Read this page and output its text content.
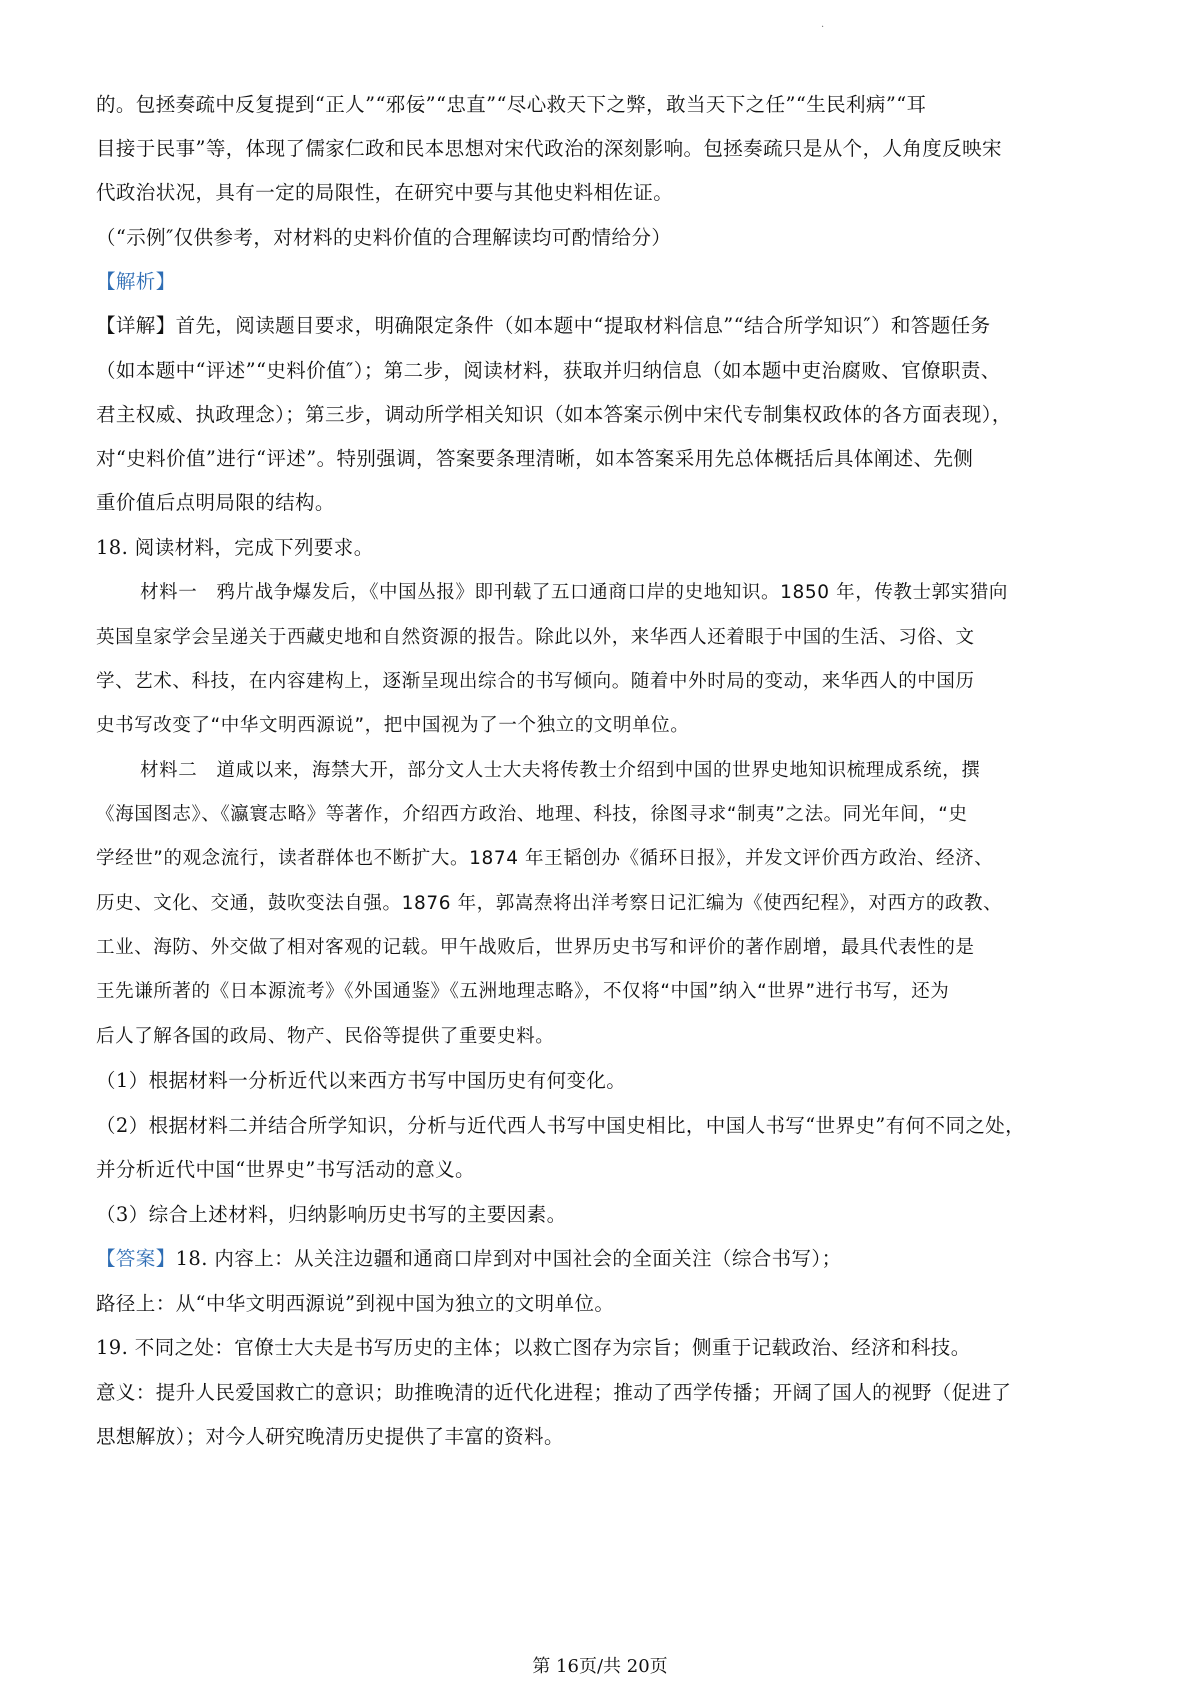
·
的。包拯奏疏中反复提到“正人”“邪佞”“忠直”“尽心救天下之弊，敢当天下之任”“生民利病”“耳
目接于民事”等，体现了儒家仁政和民本思想对宋代政治的深刻影响。包拯奏疏只是从个，人角度反映宋
代政治状况，具有一定的局限性，在研究中要与其他史料相佐证。
（“示例″仅供参考，对材料的史料价值的合理解读均可酌情给分）
【解析】
【详解】首先，阅读题目要求，明确限定条件（如本题中“提取材料信息”“结合所学知识″）和答题任务
（如本题中“评述”“史料价值″）；第二步，阅读材料，获取并归纳信息（如本题中吏治腐败、官僚职责、
君主权威、执政理念）；第三步，调动所学相关知识（如本答案示例中宋代专制集权政体的各方面表现），
对“史料价值”进行“评述”。特别强调，答案要条理清晰，如本答案采用先总体概括后具体阐述、先侧
重价值后点明局限的结构。
18. 阅读材料，完成下列要求。
材料一　鸦片战争爆发后，《中国丛报》即刊载了五口通商口岸的史地知识。1850 年，传教士郭实猎向
英国皇家学会呈递关于西藏史地和自然资源的报告。除此以外，来华西人还着眼于中国的生活、习俗、文
学、艺术、科技，在内容建构上，逐渐呈现出综合的书写倾向。随着中外时局的变动，来华西人的中国历
史书写改变了“中华文明西源说”，把中国视为了一个独立的文明单位。
材料二　道咸以来，海禁大开，部分文人士大夫将传教士介绍到中国的世界史地知识梳理成系统，撰
《海国图志》、《瀛寰志略》等著作，介绍西方政治、地理、科技，徐图寻求“制夷”之法。同光年间，“史
学经世”的观念流行，读者群体也不断扩大。1874 年王韬创办《循环日报》，并发文评价西方政治、经济、
历史、文化、交通，鼓吹变法自强。1876 年，郭嵩焘将出洋考察日记汇编为《使西纪程》，对西方的政教、
工业、海防、外交做了相对客观的记载。甲午战败后，世界历史书写和评价的著作剧增，最具代表性的是
王先谦所著的《日本源流考》《外国通鉴》《五洲地理志略》，不仅将“中国”纳入“世界”进行书写，还为
后人了解各国的政局、物产、民俗等提供了重要史料。
（1）根据材料一分析近代以来西方书写中国历史有何变化。
（2）根据材料二并结合所学知识，分析与近代西人书写中国史相比，中国人书写“世界史”有何不同之处，
并分析近代中国“世界史”书写活动的意义。
（3）综合上述材料，归纳影响历史书写的主要因素。
【答案】18. 内容上：从关注边疆和通商口岸到对中国社会的全面关注（综合书写）；
路径上：从“中华文明西源说”到视中国为独立的文明单位。
19. 不同之处：官僚士大夫是书写历史的主体；以救亡图存为宗旨；侧重于记载政治、经济和科技。
意义：提升人民爱国救亡的意识；助推晚清的近代化进程；推动了西学传播；开阔了国人的视野（促进了
思想解放）；对今人研究晚清历史提供了丰富的资料。
第 16页/共 20页
